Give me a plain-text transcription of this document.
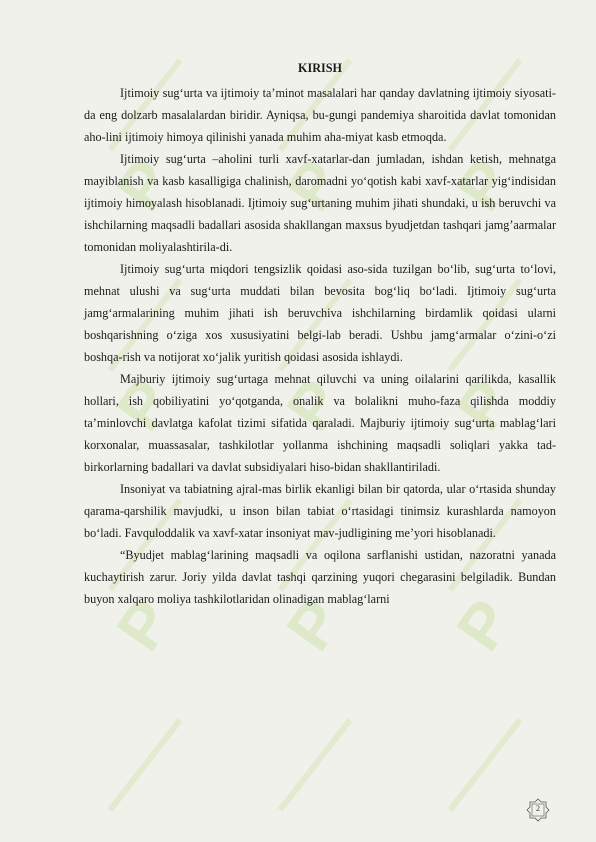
P P P
P P P
P P P
KIRISH

Ijtimoiy sug‘urta va ijtimoiy ta’minot masalalari har qanday davlatning ijtimoiy siyosati-da eng dolzarb masalalardan biridir. Ayniqsa, bu-gungi pandemiya sharoitida davlat tomonidan aho-lini ijtimoiy himoya qilinishi yanada muhim aha-miyat kasb etmoqda.

Ijtimoiy sug‘urta –aholini turli xavf-xatarlar-dan jumladan, ishdan ketish, mehnatga mayiblanish va kasb kasalligiga chalinish, daromadni yo‘qotish kabi xavf-xatarlar yig‘indisidan ijtimoiy himoyalash hisoblanadi. Ijtimoiy sug‘urtaning muhim jihati shundaki, u ish beruvchi va ishchilarning maqsadli badallari asosida shakllangan maxsus byudjetdan tashqari jamg’aarmalar tomonidan moliyalashtirila-di.

Ijtimoiy sug‘urta miqdori tengsizlik qoidasi aso-sida tuzilgan bo‘lib, sug‘urta to‘lovi, mehnat ulushi va sug‘urta muddati bilan bevosita bog‘liq bo‘ladi. Ijtimoiy sug‘urta jamg‘armalarining muhim jihati ish beruvchiva ishchilarning birdamlik qoidasi ularni boshqarishning o‘ziga xos xususiyatini belgi-lab beradi. Ushbu jamg‘armalar o‘zini-o‘zi boshqa-rish va notijorat xo‘jalik yuritish qoidasi asosida ishlaydi.

Majburiy ijtimoiy sug‘urtaga mehnat qiluvchi va uning oilalarini qarilikda, kasallik hollari, ish qobiliyatini yo‘qotganda, onalik va bolalikni muho-faza qilishda moddiy ta’minlovchi davlatga kafolat tizimi sifatida qaraladi. Majburiy ijtimoiy sug‘urta mablag‘lari korxonalar, muassasalar, tashkilotlar yollanma ishchining maqsadli soliqlari yakka tad-birkorlarning badallari va davlat subsidiyalari hiso-bidan shakllantiriladi.

Insoniyat va tabiatning ajral-mas birlik ekanligi bilan bir qatorda, ular o‘rtasida shunday qarama-qarshilik mavjudki, u inson bilan tabiat o‘rtasidagi tinimsiz kurashlarda namoyon bo‘ladi. Favquloddalik va xavf-xatar insoniyat mav-judligining me’yori hisoblanadi.

“Byudjet mablag‘larining maqsadli va oqilona sarflanishi ustidan, nazoratni yanada kuchaytirish zarur. Joriy yilda davlat tashqi qarzining yuqori chegarasini belgiladik. Bundan buyon xalqaro moliya tashkilotlaridan olinadigan mablag‘larni

2
